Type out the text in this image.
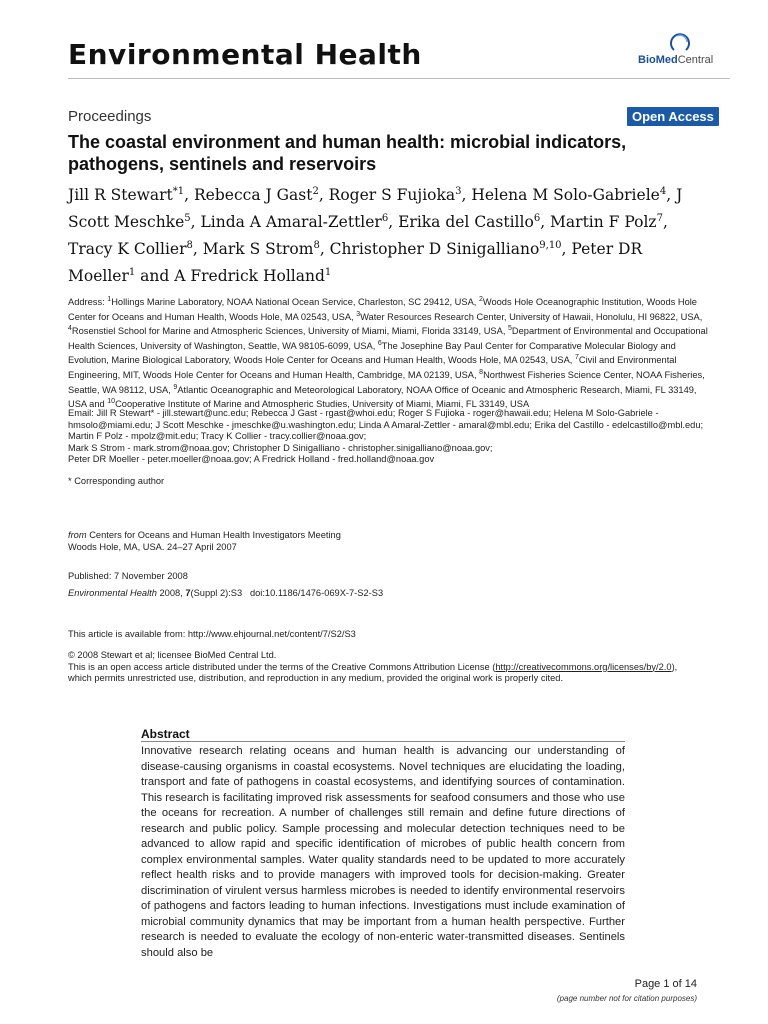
Environmental Health	BioMedCentral
Proceedings	Open Access
The coastal environment and human health: microbial indicators, pathogens, sentinels and reservoirs
Jill R Stewart$^{*1}$, Rebecca J Gast$^2$, Roger S Fujioka$^3$, Helena M Solo-Gabriele$^4$, J Scott Meschke$^5$, Linda A Amaral-Zettler$^6$, Erika del Castillo$^6$, Martin F Polz$^7$, Tracy K Collier$^8$, Mark S Strom$^8$, Christopher D Sinigalliano$^{9,10}$, Peter DR Moeller$^1$ and A Fredrick Holland$^1$
Address: $^1$Hollings Marine Laboratory, NOAA National Ocean Service, Charleston, SC 29412, USA, $^2$Woods Hole Oceanographic Institution, Woods Hole Center for Oceans and Human Health, Woods Hole, MA 02543, USA, $^3$Water Resources Research Center, University of Hawaii, Honolulu, HI 96822, USA, $^4$Rosenstiel School for Marine and Atmospheric Sciences, University of Miami, Miami, Florida 33149, USA, $^5$Department of Environmental and Occupational Health Sciences, University of Washington, Seattle, WA 98105-6099, USA, $^6$The Josephine Bay Paul Center for Comparative Molecular Biology and Evolution, Marine Biological Laboratory, Woods Hole Center for Oceans and Human Health, Woods Hole, MA 02543, USA, $^7$Civil and Environmental Engineering, MIT, Woods Hole Center for Oceans and Human Health, Cambridge, MA 02139, USA, $^8$Northwest Fisheries Science Center, NOAA Fisheries, Seattle, WA 98112, USA, $^9$Atlantic Oceanographic and Meteorological Laboratory, NOAA Office of Oceanic and Atmospheric Research, Miami, FL 33149, USA and $^{10}$Cooperative Institute of Marine and Atmospheric Studies, University of Miami, Miami, FL 33149, USA
Email: Jill R Stewart* - jill.stewart@unc.edu; Rebecca J Gast - rgast@whoi.edu; Roger S Fujioka - roger@hawaii.edu; Helena M Solo-Gabriele - hmsolo@miami.edu; J Scott Meschke - jmeschke@u.washington.edu; Linda A Amaral-Zettler - amaral@mbl.edu; Erika del Castillo - edelcastillo@mbl.edu; Martin F Polz - mpolz@mit.edu; Tracy K Collier - tracy.collier@noaa.gov;
Mark S Strom - mark.strom@noaa.gov; Christopher D Sinigalliano - christopher.sinigalliano@noaa.gov;
Peter DR Moeller - peter.moeller@noaa.gov; A Fredrick Holland - fred.holland@noaa.gov
* Corresponding author
from Centers for Oceans and Human Health Investigators Meeting
Woods Hole, MA, USA. 24–27 April 2007
Published: 7 November 2008
Environmental Health 2008, 7(Suppl 2):S3 doi:10.1186/1476-069X-7-S2-S3
This article is available from: http://www.ehjournal.net/content/7/S2/S3
© 2008 Stewart et al; licensee BioMed Central Ltd.
This is an open access article distributed under the terms of the Creative Commons Attribution License (http://creativecommons.org/licenses/by/2.0),
which permits unrestricted use, distribution, and reproduction in any medium, provided the original work is properly cited.
Abstract
Innovative research relating oceans and human health is advancing our understanding of disease-causing organisms in coastal ecosystems. Novel techniques are elucidating the loading, transport and fate of pathogens in coastal ecosystems, and identifying sources of contamination. This research is facilitating improved risk assessments for seafood consumers and those who use the oceans for recreation. A number of challenges still remain and define future directions of research and public policy. Sample processing and molecular detection techniques need to be advanced to allow rapid and specific identification of microbes of public health concern from complex environmental samples. Water quality standards need to be updated to more accurately reflect health risks and to provide managers with improved tools for decision-making. Greater discrimination of virulent versus harmless microbes is needed to identify environmental reservoirs of pathogens and factors leading to human infections. Investigations must include examination of microbial community dynamics that may be important from a human health perspective. Further research is needed to evaluate the ecology of non-enteric water-transmitted diseases. Sentinels should also be
Page 1 of 14
(page number not for citation purposes)
